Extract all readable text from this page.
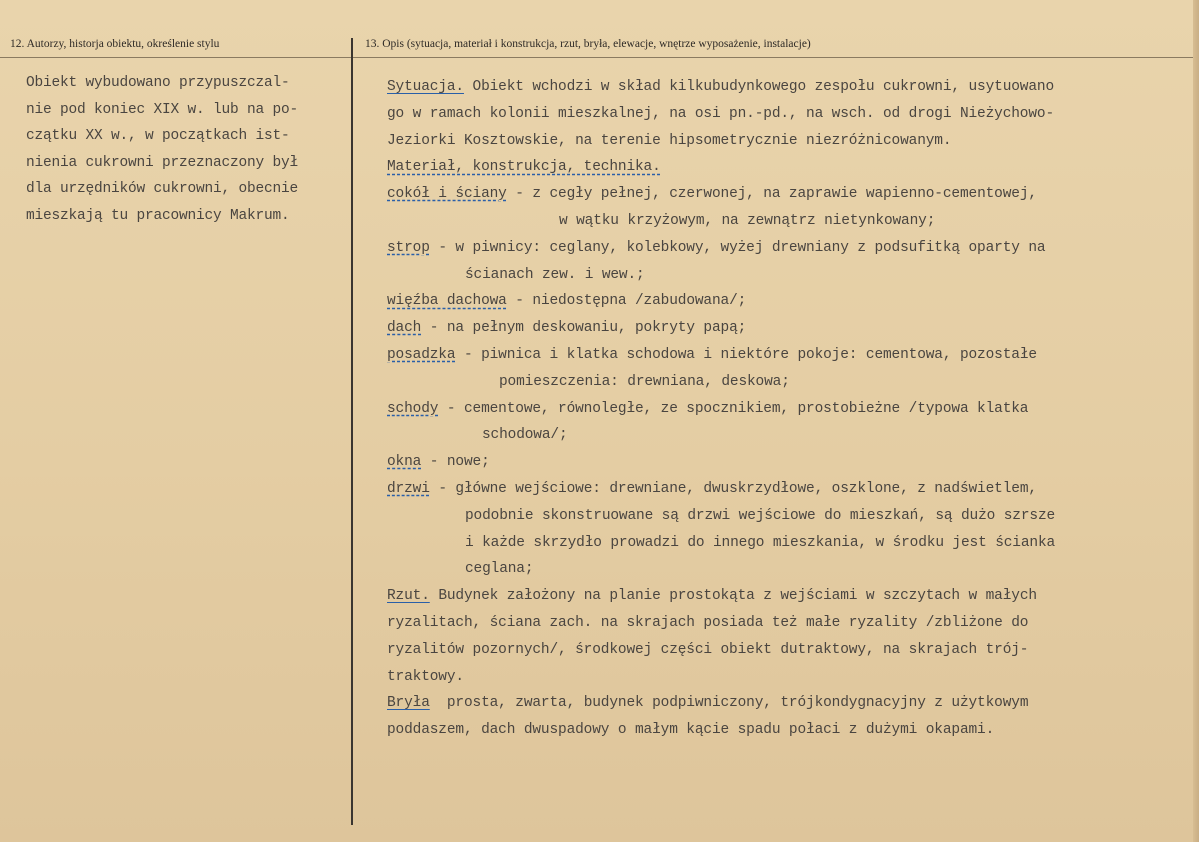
12. Autorzy, historja obiektu, określenie stylu	13. Opis (sytuacja, materiał i konstrukcja, rzut, bryła, elewacje, wnętrze wyposażenie, instalacje)
Obiekt wybudowano przypuszczal-
nie pod koniec XIX w. lub na po-
czątku XX w., w początkach ist-
nienia cukrowni przeznaczony był
dla urzędników cukrowni, obecnie
mieszkają tu pracownicy Makrum.
Sytuacja. Obiekt wchodzi w skład kilkubudynkowego zespołu cukrowni, usytuowano
go w ramach kolonii mieszkalnej, na osi pn.-pd., na wsch. od drogi Nieżychowo-
Jeziorki Kosztowskie, na terenie hipsometrycznie niezróżnicowanym.
Materiał, konstrukcja, technika.
cokół i ściany - z cegły pełnej, czerwonej, na zaprawie wapienno-cementowej,
w wątku krzyżowym, na zewnątrz nietynkowany;
strop - w piwnicy: ceglany, kolebkowy, wyżej drewniany z podsufitką oparty na
ścianach zew. i wew.;
więźba dachowa - niedostępna /zabudowana/;
dach - na pełnym deskowaniu, pokryty papą;
posadzka - piwnica i klatka schodowa i niektóre pokoje: cementowa, pozostałe
pomieszczenia: drewniana, deskowa;
schody - cementowe, równoległe, ze spocznikiem, prostobieżne /typowa klatka
schodowa/;
okna - nowe;
drzwi - główne wejściowe: drewniane, dwuskrzydłowe, oszklone, z nadświetlem,
podobnie skonstruowane są drzwi wejściowe do mieszkań, są dużo szrsze
i każde skrzydło prowadzi do innego mieszkania, w środku jest ścianka
ceglana;
Rzut. Budynek założony na planie prostokąta z wejściami w szczytach w małych
ryzalitach, ściana zach. na skrajach posiada też małe ryzality /zbliżone do
ryzalitów pozornych/, środkowej części obiekt dutraktowy, na skrajach trój-
traktowy.
Bryła  prosta, zwarta, budynek podpiwniczony, trójkondygnacyjny z użytkowym
poddaszem, dach dwuspadowy o małym kącie spadu połaci z dużymi okapami.
